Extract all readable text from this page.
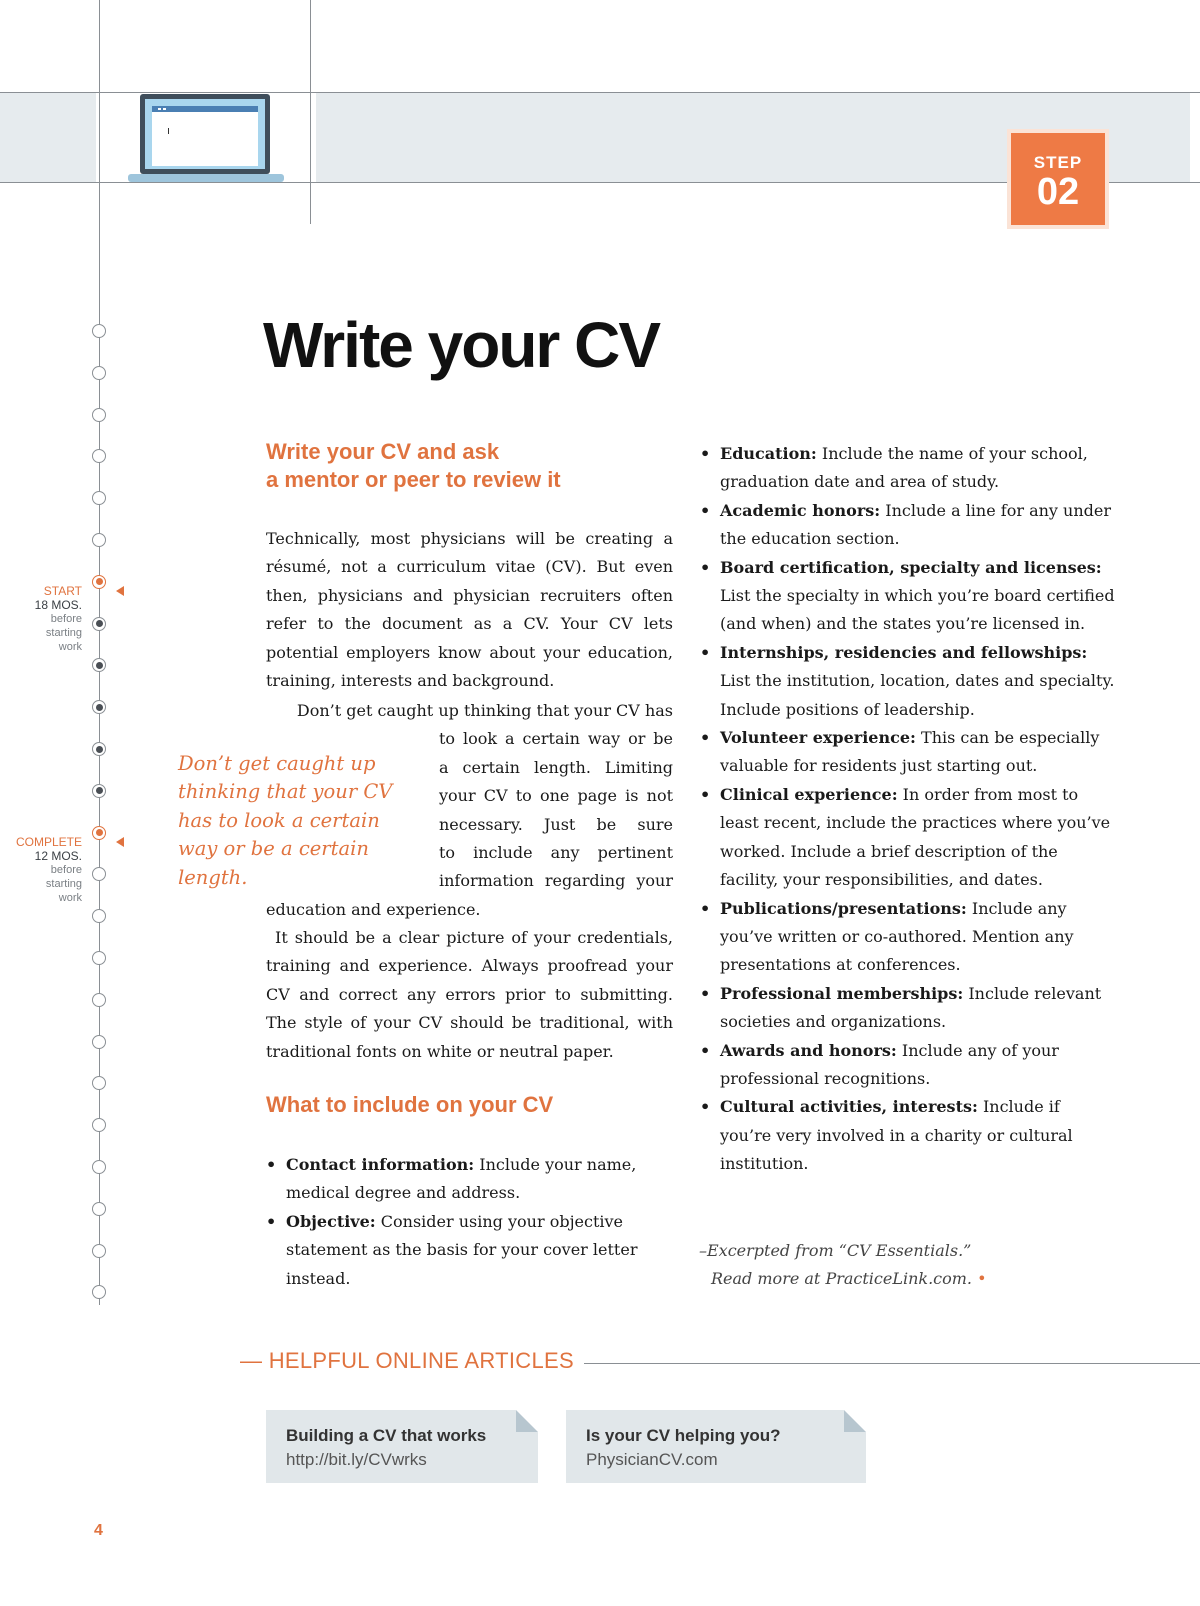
STEP
02
START
18 MOS.
before
starting
work
COMPLETE
12 MOS.
before
starting
work
Write your CV
Write your CV and ask
a mentor or peer to review it

Technically, most physicians will be creating a résumé, not a curriculum vitae (CV). But even then, physicians and physician recruiters often refer to the document as a CV. Your CV lets potential employers know about your education, training, interests and background.

Don’t get caught up thinking that your CV has
to look a certain way or be
a certain length. Limiting
your CV to one page is not
necessary. Just be sure
to include any pertinent
information regarding your
education and experience.
Don’t get caught up thinking that your CV has to look a certain way or be a certain length.

It should be a clear picture of your credentials, training and experience. Always proofread your CV and correct any errors prior to submitting. The style of your CV should be traditional, with traditional fonts on white or neutral paper.

What to include on your CV
• Contact information: Include your name, medical degree and address.
• Objective: Consider using your objective statement as the basis for your cover letter instead.
• Education: Include the name of your school, graduation date and area of study.
• Academic honors: Include a line for any under the education section.
• Board certification, specialty and licenses: List the specialty in which you’re board certified (and when) and the states you’re licensed in.
• Internships, residencies and fellowships: List the institution, location, dates and specialty. Include positions of leadership.
• Volunteer experience: This can be especially valuable for residents just starting out.
• Clinical experience: In order from most to least recent, include the practices where you’ve worked. Include a brief description of the facility, your responsibilities, and dates.
• Publications/presentations: Include any you’ve written or co-authored. Mention any presentations at conferences.
• Professional memberships: Include relevant societies and organizations.
• Awards and honors: Include any of your professional recognitions.
• Cultural activities, interests: Include if you’re very involved in a charity or cultural institution.
–Excerpted from “CV Essentials.”
Read more at PracticeLink.com. •
— HELPFUL ONLINE ARTICLES
Building a CV that works
http://bit.ly/CVwrks
Is your CV helping you?
PhysicianCV.com
4
